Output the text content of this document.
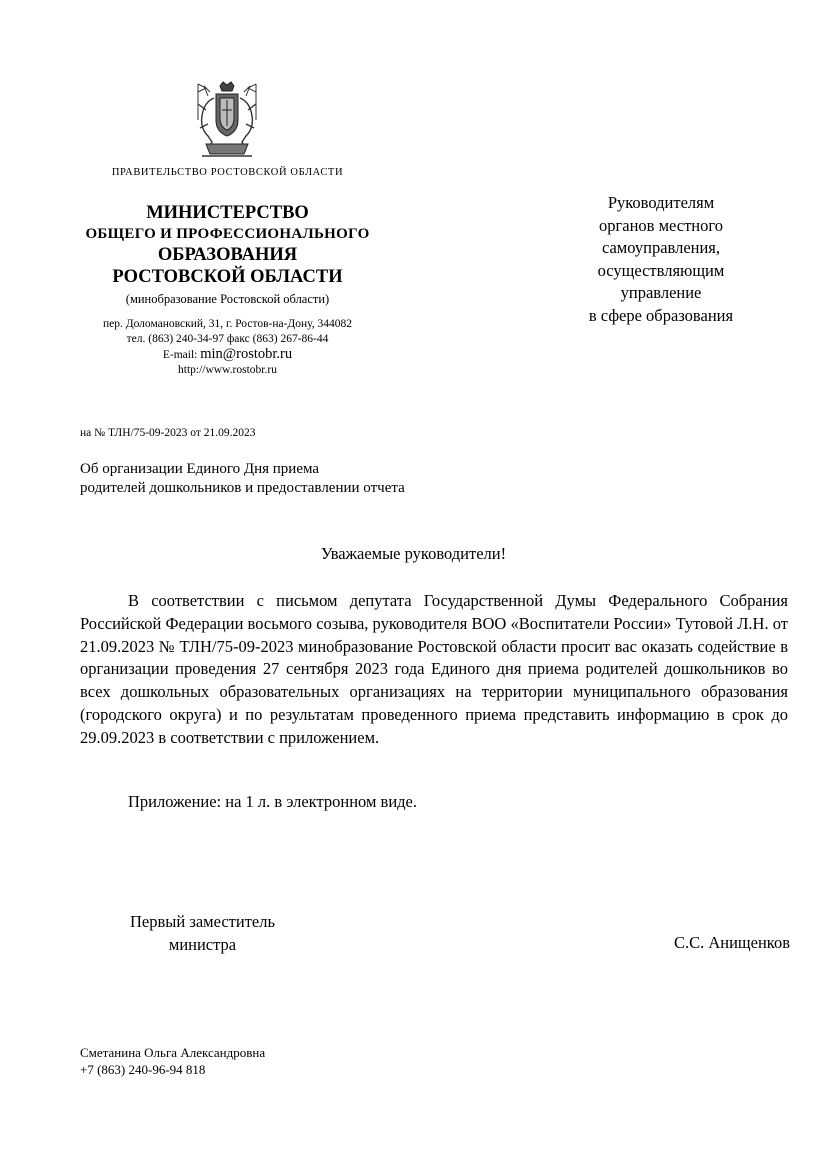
ПРАВИТЕЛЬСТВО РОСТОВСКОЙ ОБЛАСТИ
МИНИСТЕРСТВО
ОБЩЕГО И ПРОФЕССИОНАЛЬНОГО
ОБРАЗОВАНИЯ
РОСТОВСКОЙ ОБЛАСТИ
(минобразование Ростовской области)
пер. Доломановский, 31, г. Ростов-на-Дону, 344082
тел. (863) 240-34-97 факс (863) 267-86-44
E-mail: min@rostobr.ru
http://www.rostobr.ru
Руководителям
органов местного
самоуправления,
осуществляющим
управление
в сфере образования
на № ТЛН/75-09-2023 от 21.09.2023
Об организации Единого Дня приема
родителей дошкольников и предоставлении отчета
Уважаемые руководители!

В соответствии с письмом депутата Государственной Думы Федерального Собрания Российской Федерации восьмого созыва, руководителя ВОО «Воспитатели России» Тутовой Л.Н. от 21.09.2023 № ТЛН/75-09-2023 минобразование Ростовской области просит вас оказать содействие в организации проведения 27 сентября 2023 года Единого дня приема родителей дошкольников во всех дошкольных образовательных организациях на территории муниципального образования (городского округа) и по результатам проведенного приема представить информацию в срок до 29.09.2023 в соответствии с приложением.

Приложение: на 1 л. в электронном виде.
Первый заместитель
министра	С.С. Анищенков
Сметанина Ольга Александровна
+7 (863) 240-96-94 818
